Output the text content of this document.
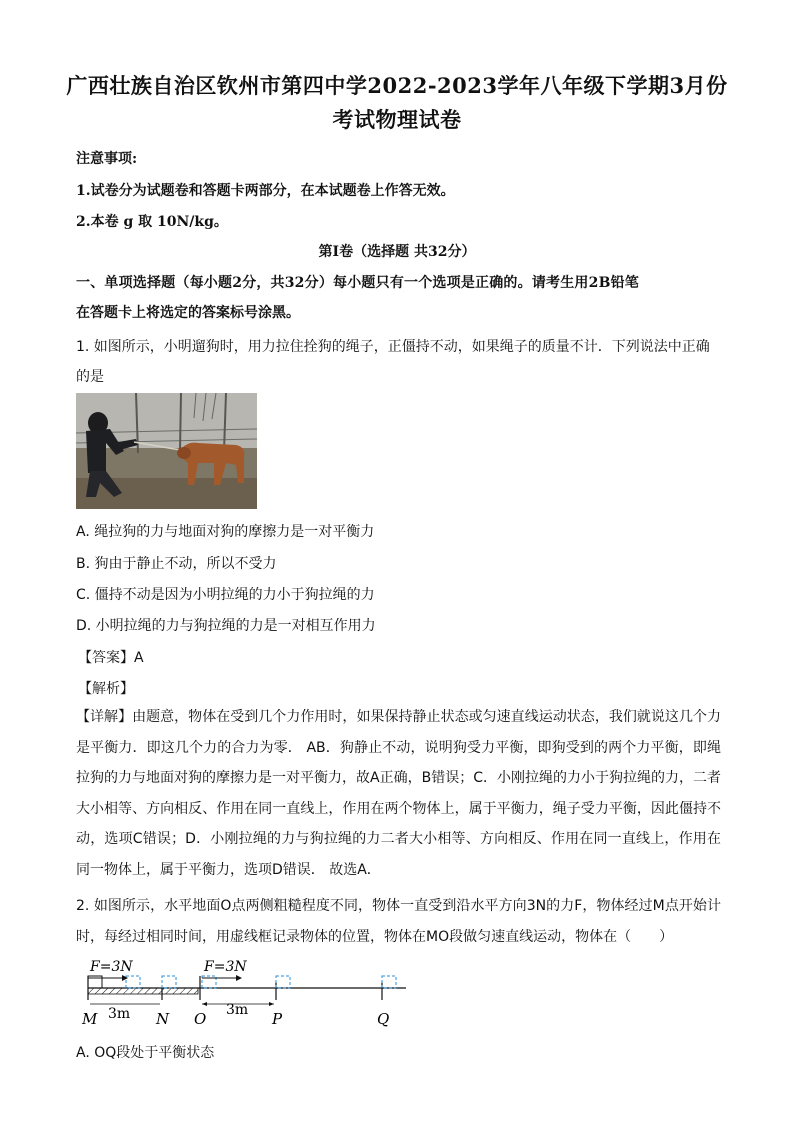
广西壮族自治区钦州市第四中学2022-2023学年八年级下学期3月份
考试物理试卷
注意事项:
1.试卷分为试题卷和答题卡两部分，在本试题卷上作答无效。
2.本卷 g 取 10N/kg。
第Ⅰ卷（选择题 共32分）
一、单项选择题（每小题2分，共32分）每小题只有一个选项是正确的。请考生用2B铅笔
在答题卡上将选定的答案标号涂黑。
1. 如图所示，小明遛狗时，用力拉住拴狗的绳子，正僵持不动，如果绳子的质量不计．下列说法中正确
的是
A. 绳拉狗的力与地面对狗的摩擦力是一对平衡力
B. 狗由于静止不动，所以不受力
C. 僵持不动是因为小明拉绳的力小于狗拉绳的力
D. 小明拉绳的力与狗拉绳的力是一对相互作用力
【答案】A
【解析】
【详解】由题意，物体在受到几个力作用时，如果保持静止状态或匀速直线运动状态，我们就说这几个力是平衡力．即这几个力的合力为零． AB．狗静止不动，说明狗受力平衡，即狗受到的两个力平衡，即绳拉狗的力与地面对狗的摩擦力是一对平衡力，故A正确，B错误；C．小刚拉绳的力小于狗拉绳的力，二者大小相等、方向相反、作用在同一直线上，作用在两个物体上，属于平衡力，绳子受力平衡，因此僵持不动，选项C错误；D．小刚拉绳的力与狗拉绳的力二者大小相等、方向相反、作用在同一直线上，作用在同一物体上，属于平衡力，选项D错误． 故选A．
2. 如图所示，水平地面O点两侧粗糙程度不同，物体一直受到沿水平方向3N的力F，物体经过M点开始计时，每经过相同时间，用虚线框记录物体的位置，物体在MO段做匀速直线运动，物体在（　　）
F=3N	F=3N
3m	3m
M	N O	P	Q
A. OQ段处于平衡状态
